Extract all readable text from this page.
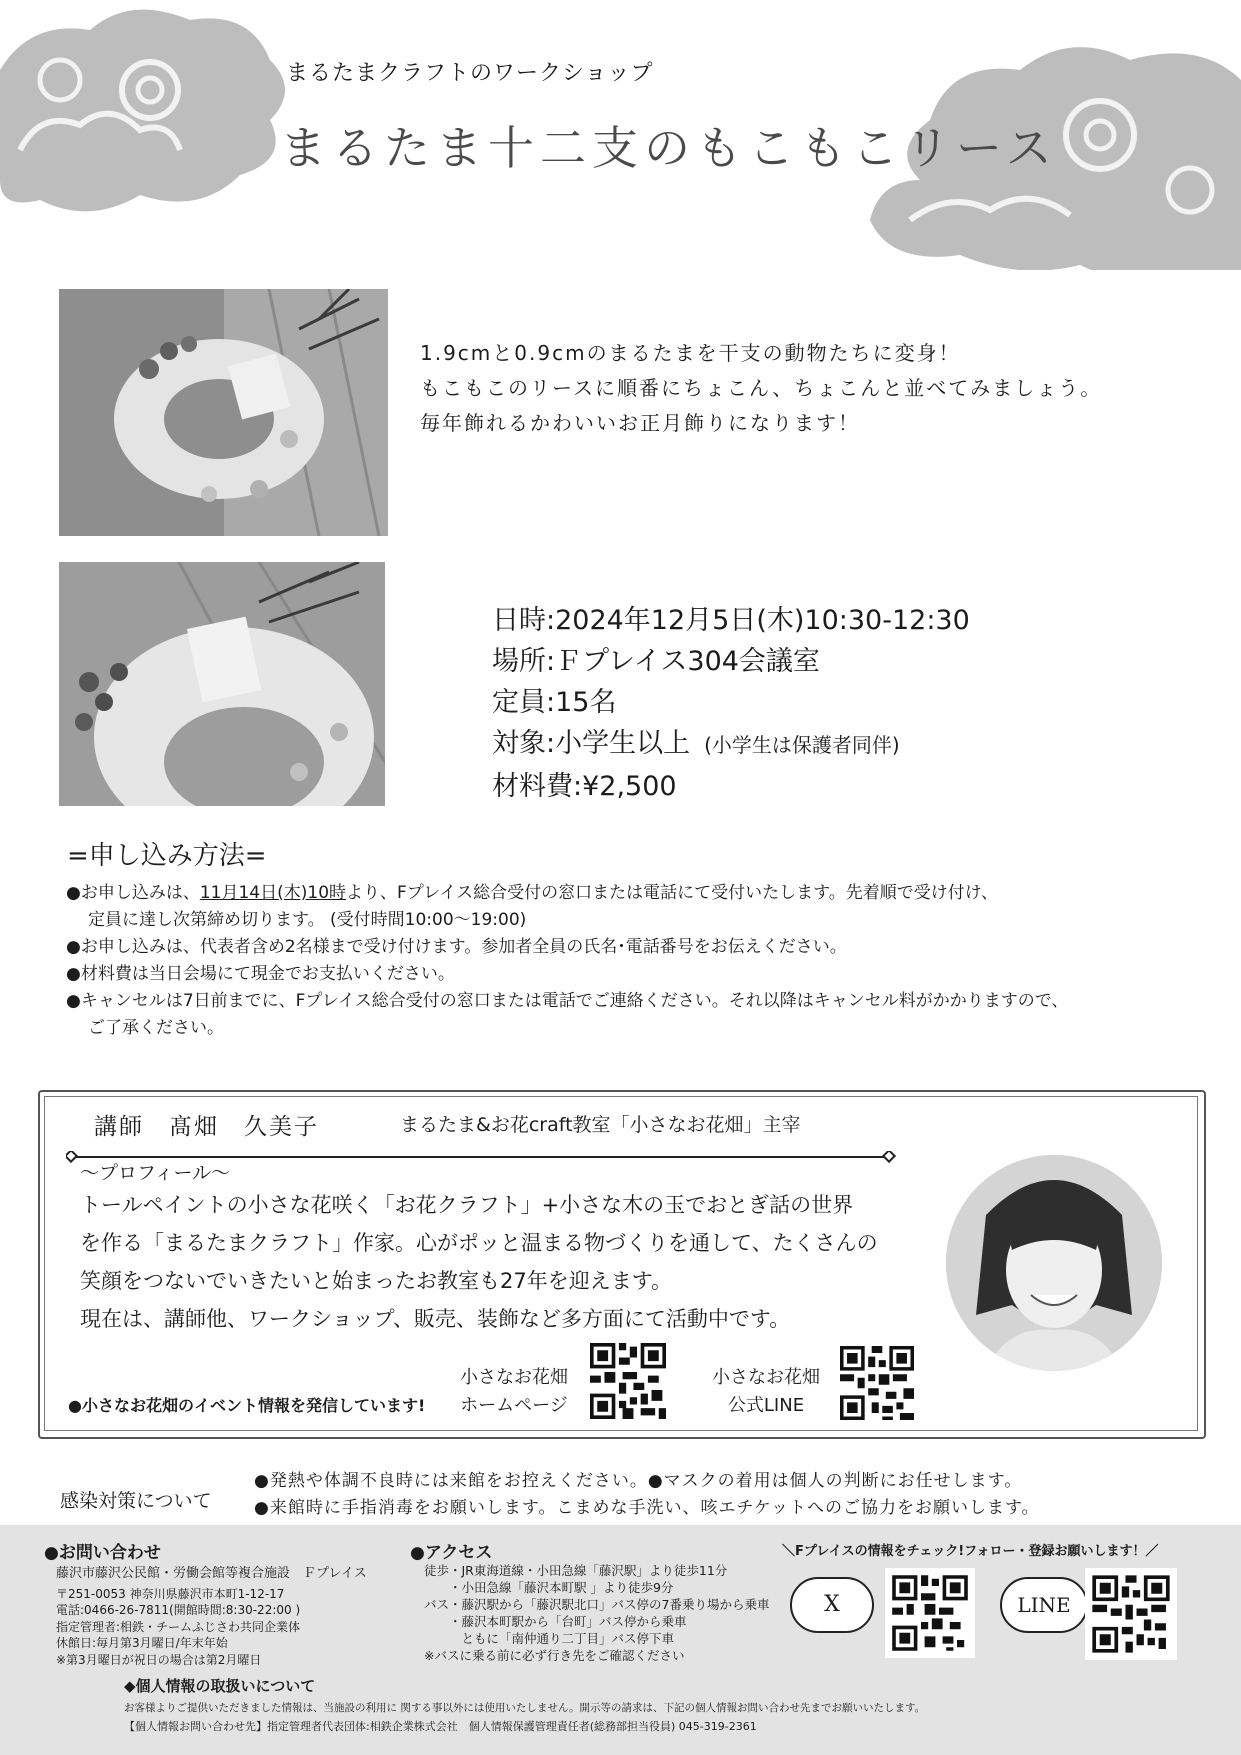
まるたまクラフトのワークショップ
まるたま十二支のもこもこリース
1.9cmと0.9cmのまるたまを干支の動物たちに変身！
もこもこのリースに順番にちょこん、ちょこんと並べてみましょう。
毎年飾れるかわいいお正月飾りになります！
日時:2024年12月5日(木)10:30-12:30
場所:Ｆプレイス304会議室
定員:15名
対象:小学生以上 (小学生は保護者同伴)
材料費:¥2,500
=申し込み方法=

●お申し込みは、11月14日(木)10時より、Fプレイス総合受付の窓口または電話にて受付いたします。先着順で受け付け、

定員に達し次第締め切ります。 (受付時間10:00〜19:00)

●お申し込みは、代表者含め2名様まで受け付けます。参加者全員の氏名･電話番号をお伝えください。

●材料費は当日会場にて現金でお支払いください。

●キャンセルは7日前までに、Fプレイス総合受付の窓口または電話でご連絡ください。それ以降はキャンセル料がかかりますので、

ご了承ください。

講師　髙畑　久美子	まるたま&お花craft教室「小さなお花畑」主宰
〜プロフィール〜

トールペイントの小さな花咲く「お花クラフト」+小さな木の玉でおとぎ話の世界

を作る「まるたまクラフト」作家。心がポッと温まる物づくりを通して、たくさんの

笑顔をつないでいきたいと始まったお教室も27年を迎えます。

現在は、講師他、ワークショップ、販売、装飾など多方面にて活動中です。

●小さなお花畑のイベント情報を発信しています!
小さなお花畑
ホームページ
小さなお花畑
公式LINE
感染対策について

●発熱や体調不良時には来館をお控えください。●マスクの着用は個人の判断にお任せします。

●来館時に手指消毒をお願いします。こまめな手洗い、咳エチケットへのご協力をお願いします。

●お問い合わせ

藤沢市藤沢公民館・労働会館等複合施設　Ｆプレイス

〒251-0053 神奈川県藤沢市本町1-12-17

電話:0466-26-7811(開館時間:8:30-22:00 )

指定管理者:相鉄・チームふじさわ共同企業体

休館日:毎月第3月曜日/年末年始

※第3月曜日が祝日の場合は第2月曜日

●アクセス

徒歩・JR東海道線・小田急線「藤沢駅」より徒歩11分

　　・小田急線「藤沢本町駅 」より徒歩9分

バス・藤沢駅から「藤沢駅北口」バス停の7番乗り場から乗車

　　・藤沢本町駅から「台町」バス停から乗車

　　　ともに「南仲通り二丁目」バス停下車

※バスに乗る前に必ず行き先をご確認ください

＼Fプレイスの情報をチェック!フォロー・登録お願いします！／
X	LINE
◆個人情報の取扱いについて
お客様よりご提供いただきました情報は、当施設の利用に 関する事以外には使用いたしません。開示等の請求は、下記の個人情報お問い合わせ先までお願いいたします。
【個人情報お問い合わせ先】指定管理者代表団体:相鉄企業株式会社　個人情報保護管理責任者(総務部担当役員) 045-319-2361
